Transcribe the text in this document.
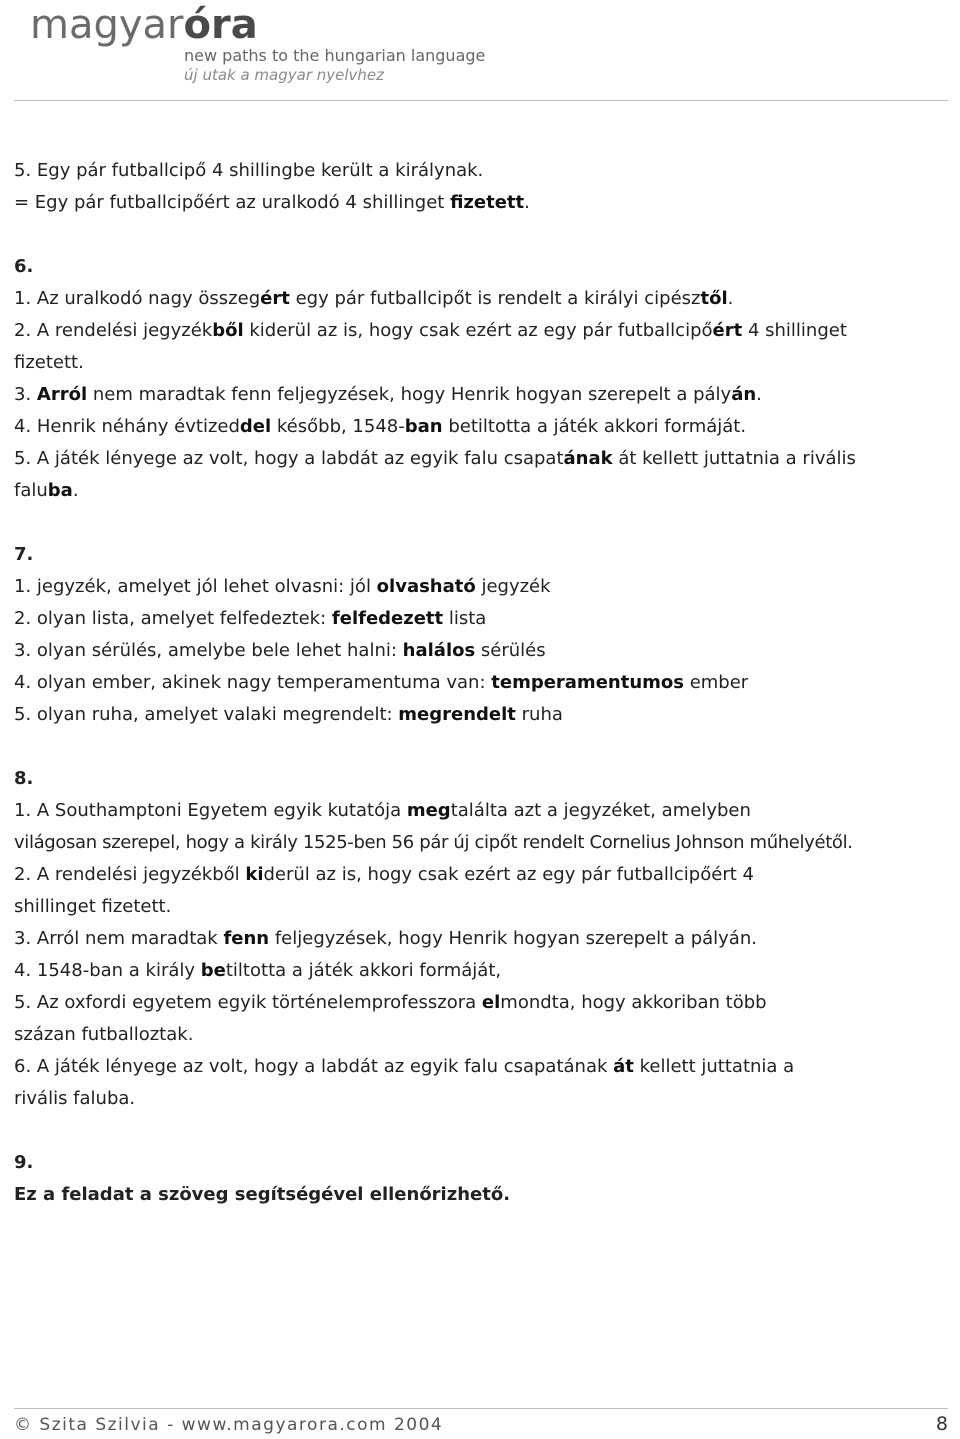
magyaróra
new paths to the hungarian language
új utak a magyar nyelvhez
5. Egy pár futballcipő 4 shillingbe került a királynak.
= Egy pár futballcipőért az uralkodó 4 shillinget fizetett.
6.
1. Az uralkodó nagy összegért egy pár futballcipőt is rendelt a királyi cipésztől.
2. A rendelési jegyzékből kiderül az is, hogy csak ezért az egy pár futballcipőért 4 shillinget
fizetett.
3. Arról nem maradtak fenn feljegyzések, hogy Henrik hogyan szerepelt a pályán.
4. Henrik néhány évtizeddel később, 1548-ban betiltotta a játék akkori formáját.
5. A játék lényege az volt, hogy a labdát az egyik falu csapatának át kellett juttatnia a rivális
faluba.
7.
1. jegyzék, amelyet jól lehet olvasni: jól olvasható jegyzék
2. olyan lista, amelyet felfedeztek: felfedezett lista
3. olyan sérülés, amelybe bele lehet halni: halálos sérülés
4. olyan ember, akinek nagy temperamentuma van: temperamentumos ember
5. olyan ruha, amelyet valaki megrendelt: megrendelt ruha
8.
1. A Southamptoni Egyetem egyik kutatója megtalálta azt a jegyzéket, amelyben
világosan szerepel, hogy a király 1525-ben 56 pár új cipőt rendelt Cornelius Johnson műhelyétől.
2. A rendelési jegyzékből kiderül az is, hogy csak ezért az egy pár futballcipőért 4
shillinget fizetett.
3. Arról nem maradtak fenn feljegyzések, hogy Henrik hogyan szerepelt a pályán.
4. 1548-ban a király betiltotta a játék akkori formáját,
5. Az oxfordi egyetem egyik történelemprofesszora elmondta, hogy akkoriban több
százan futballoztak.
6. A játék lényege az volt, hogy a labdát az egyik falu csapatának át kellett juttatnia a
rivális faluba.
9.
Ez a feladat a szöveg segítségével ellenőrizhető.
© Szita Szilvia - www.magyarora.com 2004	8
